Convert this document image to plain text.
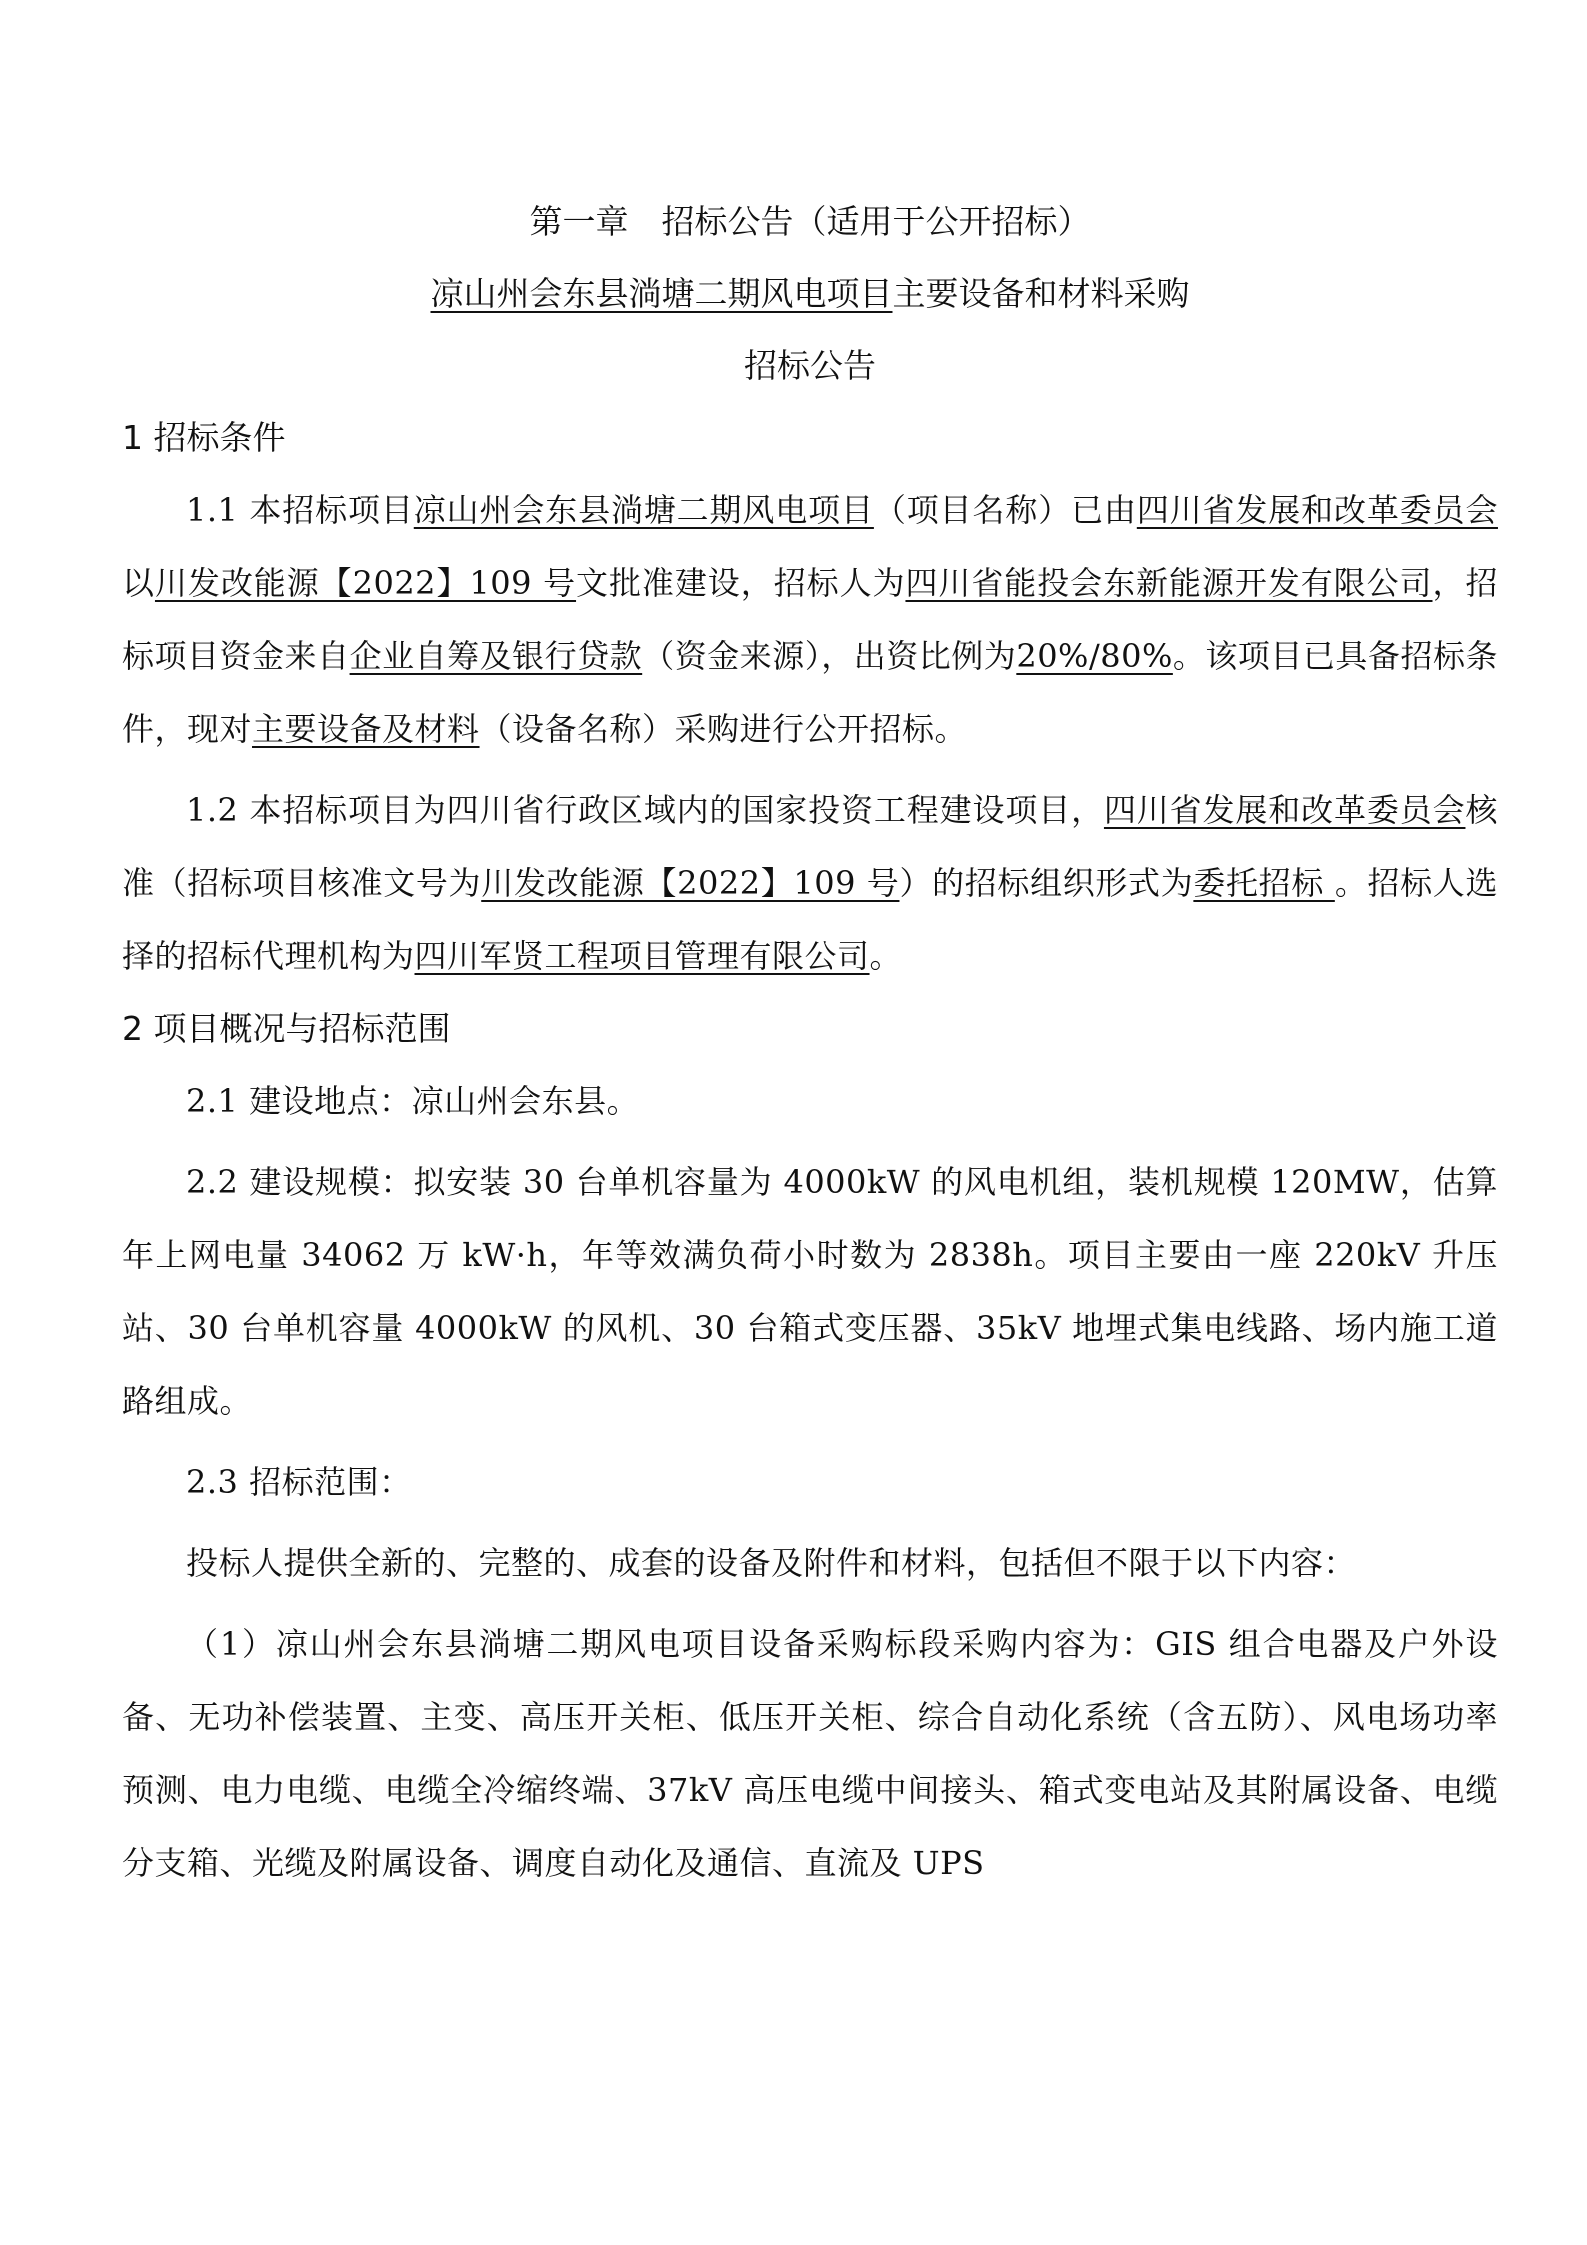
第一章　招标公告（适用于公开招标）
凉山州会东县淌塘二期风电项目主要设备和材料采购
招标公告
1 招标条件

1.1 本招标项目凉山州会东县淌塘二期风电项目（项目名称）已由四川省发展和改革委员会以川发改能源【2022】109 号文批准建设，招标人为四川省能投会东新能源开发有限公司，招标项目资金来自企业自筹及银行贷款（资金来源），出资比例为20%/80%。该项目已具备招标条件，现对主要设备及材料（设备名称）采购进行公开招标。

1.2 本招标项目为四川省行政区域内的国家投资工程建设项目，四川省发展和改革委员会核准（招标项目核准文号为川发改能源【2022】109 号）的招标组织形式为委托招标 。招标人选择的招标代理机构为四川军贤工程项目管理有限公司。

2 项目概况与招标范围

2.1 建设地点：凉山州会东县。

2.2 建设规模：拟安装 30 台单机容量为 4000kW 的风电机组，装机规模 120MW，估算年上网电量 34062 万 kW·h，年等效满负荷小时数为 2838h。项目主要由一座 220kV 升压站、30 台单机容量 4000kW 的风机、30 台箱式变压器、35kV 地埋式集电线路、场内施工道路组成。

2.3 招标范围：

投标人提供全新的、完整的、成套的设备及附件和材料，包括但不限于以下内容：

（1）凉山州会东县淌塘二期风电项目设备采购标段采购内容为：GIS 组合电器及户外设备、无功补偿装置、主变、高压开关柜、低压开关柜、综合自动化系统（含五防）、风电场功率预测、电力电缆、电缆全冷缩终端、37kV 高压电缆中间接头、箱式变电站及其附属设备、电缆分支箱、光缆及附属设备、调度自动化及通信、直流及 UPS
